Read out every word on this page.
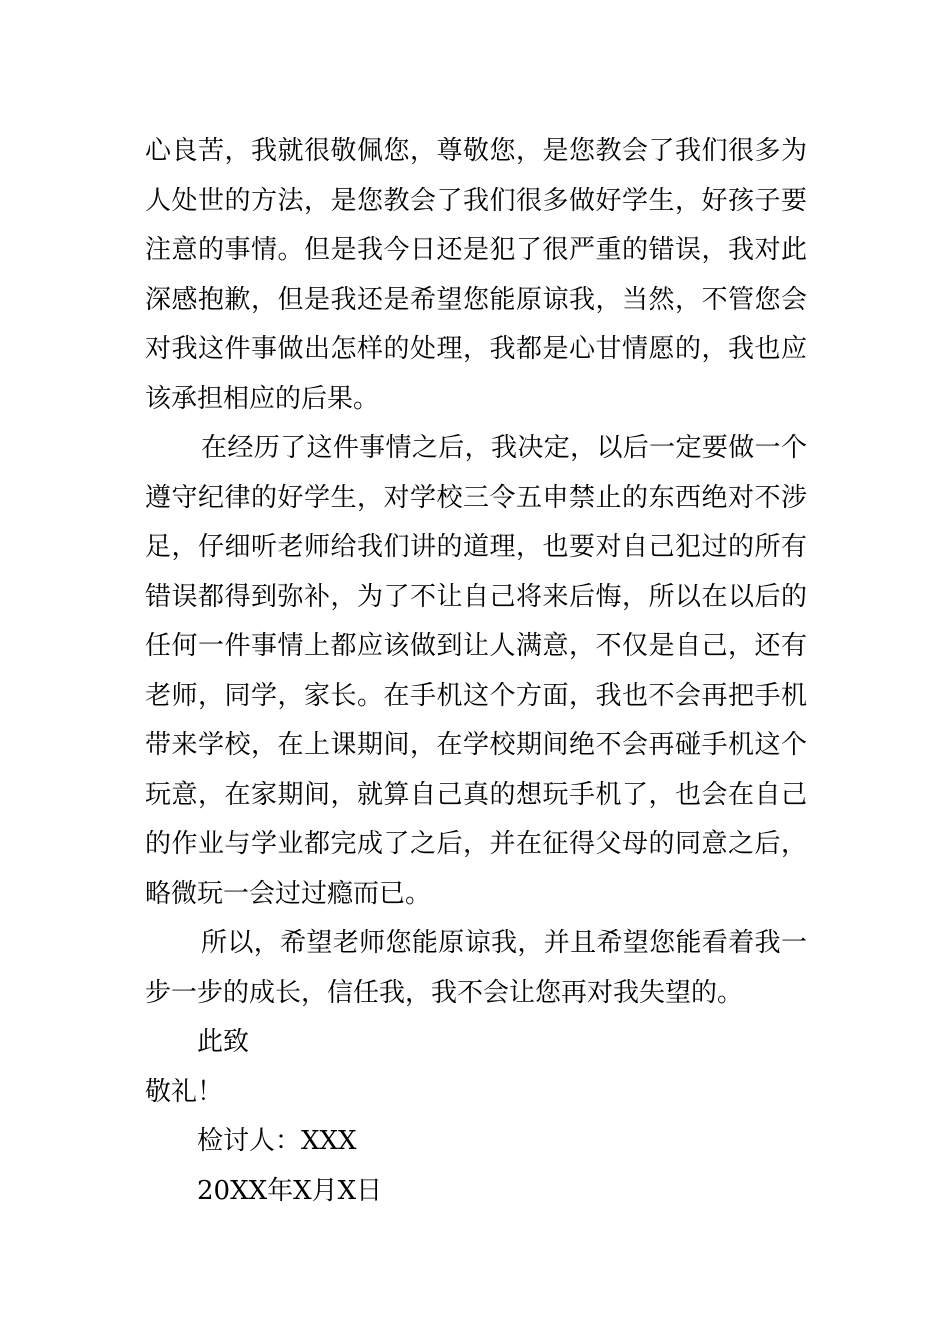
心良苦，我就很敬佩您，尊敬您，是您教会了我们很多为人处世的方法，是您教会了我们很多做好学生，好孩子要注意的事情。但是我今日还是犯了很严重的错误，我对此深感抱歉，但是我还是希望您能原谅我，当然，不管您会对我这件事做出怎样的处理，我都是心甘情愿的，我也应该承担相应的后果。

在经历了这件事情之后，我决定，以后一定要做一个遵守纪律的好学生，对学校三令五申禁止的东西绝对不涉足，仔细听老师给我们讲的道理，也要对自己犯过的所有错误都得到弥补，为了不让自己将来后悔，所以在以后的任何一件事情上都应该做到让人满意，不仅是自己，还有老师，同学，家长。在手机这个方面，我也不会再把手机带来学校，在上课期间，在学校期间绝不会再碰手机这个玩意，在家期间，就算自己真的想玩手机了，也会在自己的作业与学业都完成了之后，并在征得父母的同意之后，略微玩一会过过瘾而已。

所以，希望老师您能原谅我，并且希望您能看着我一步一步的成长，信任我，我不会让您再对我失望的。

此致

敬礼！

检讨人：XXX

20XX年X月X日
